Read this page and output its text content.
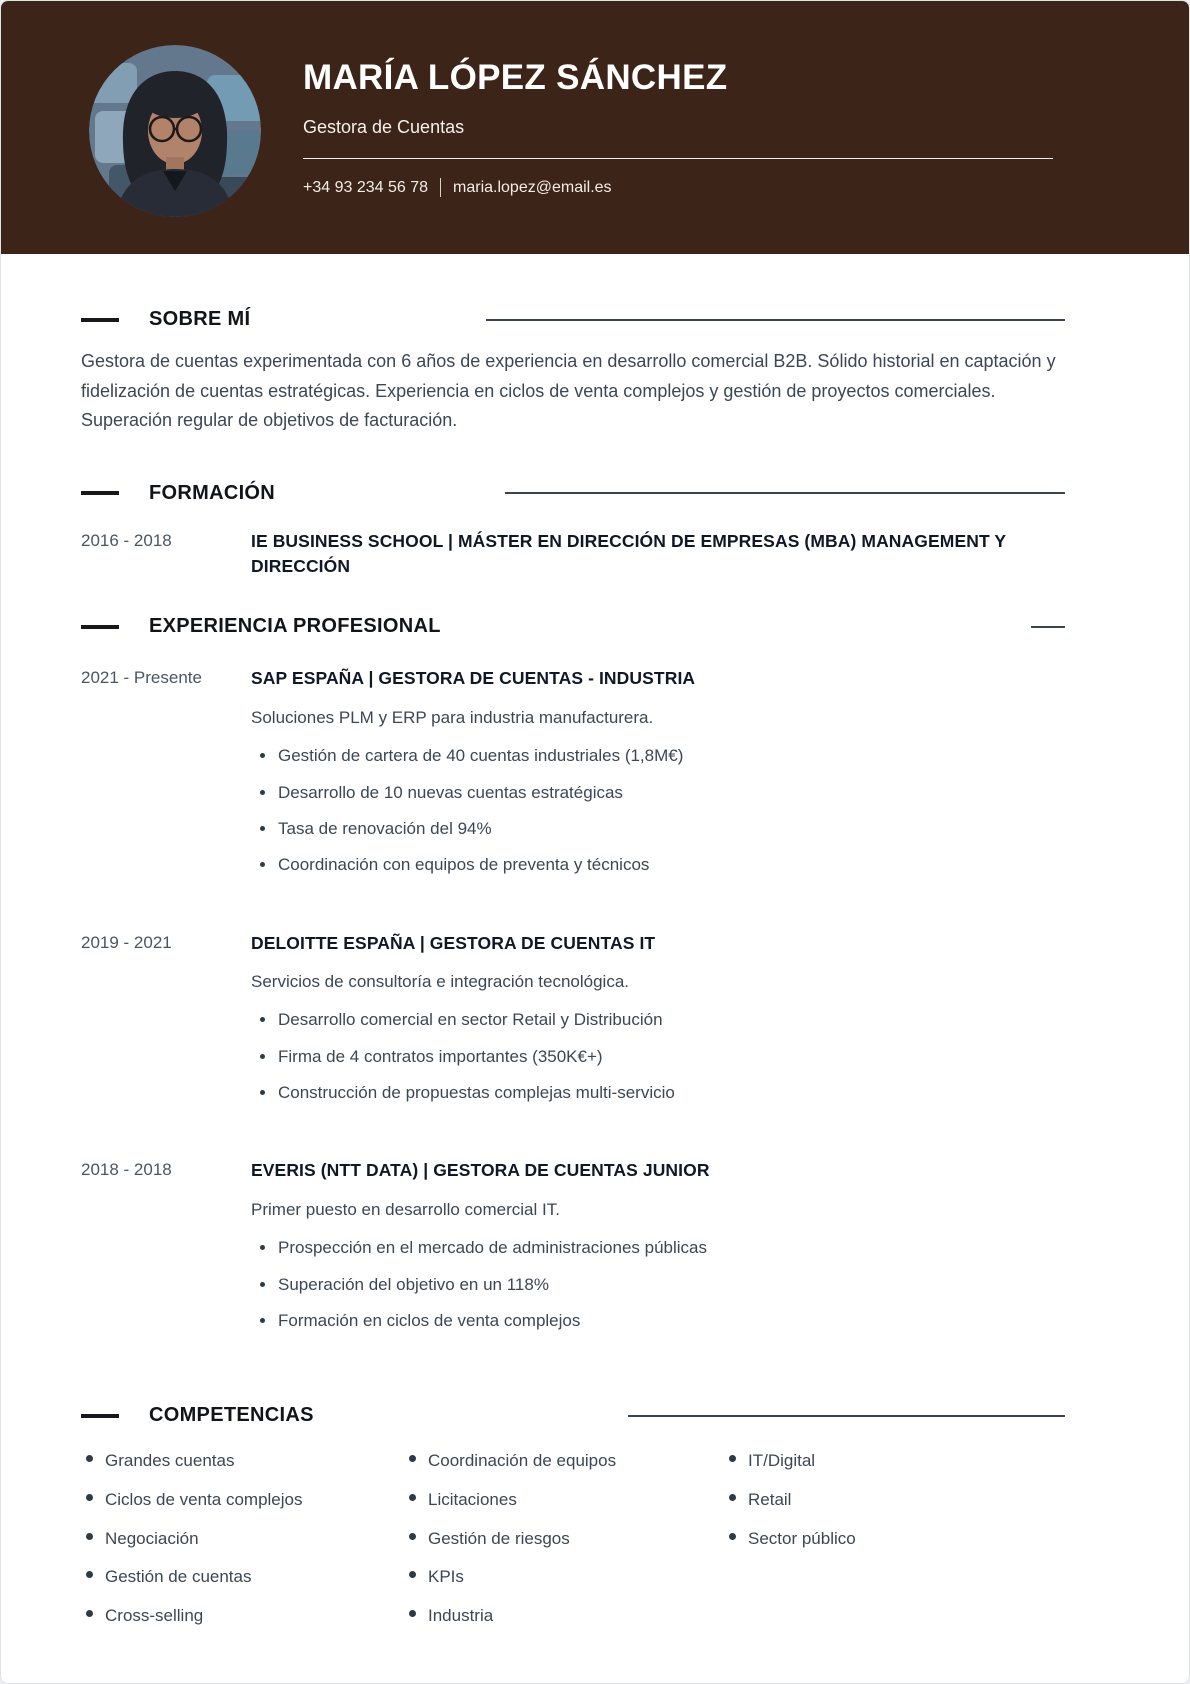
MARÍA LÓPEZ SÁNCHEZ
Gestora de Cuentas
+34 93 234 56 78 maria.lopez@email.es
SOBRE MÍ

Gestora de cuentas experimentada con 6 años de experiencia en desarrollo comercial B2B. Sólido historial en captación y fidelización de cuentas estratégicas. Experiencia en ciclos de venta complejos y gestión de proyectos comerciales. Superación regular de objetivos de facturación.

FORMACIÓN
2016 - 2018	IE BUSINESS SCHOOL | MÁSTER EN DIRECCIÓN DE EMPRESAS (MBA) MANAGEMENT Y DIRECCIÓN
EXPERIENCIA PROFESIONAL
2021 - Presente	SAP ESPAÑA | GESTORA DE CUENTAS - INDUSTRIA

Soluciones PLM y ERP para industria manufacturera.

Gestión de cartera de 40 cuentas industriales (1,8M€)
Desarrollo de 10 nuevas cuentas estratégicas
Tasa de renovación del 94%
Coordinación con equipos de preventa y técnicos
2019 - 2021	DELOITTE ESPAÑA | GESTORA DE CUENTAS IT

Servicios de consultoría e integración tecnológica.

Desarrollo comercial en sector Retail y Distribución
Firma de 4 contratos importantes (350K€+)
Construcción de propuestas complejas multi-servicio
2018 - 2018	EVERIS (NTT DATA) | GESTORA DE CUENTAS JUNIOR

Primer puesto en desarrollo comercial IT.

Prospección en el mercado de administraciones públicas
Superación del objetivo en un 118%
Formación en ciclos de venta complejos
COMPETENCIAS
Grandes cuentas
Ciclos de venta complejos
Negociación
Gestión de cuentas
Cross-selling
Coordinación de equipos
Licitaciones
Gestión de riesgos
KPIs
Industria
IT/Digital
Retail
Sector público
